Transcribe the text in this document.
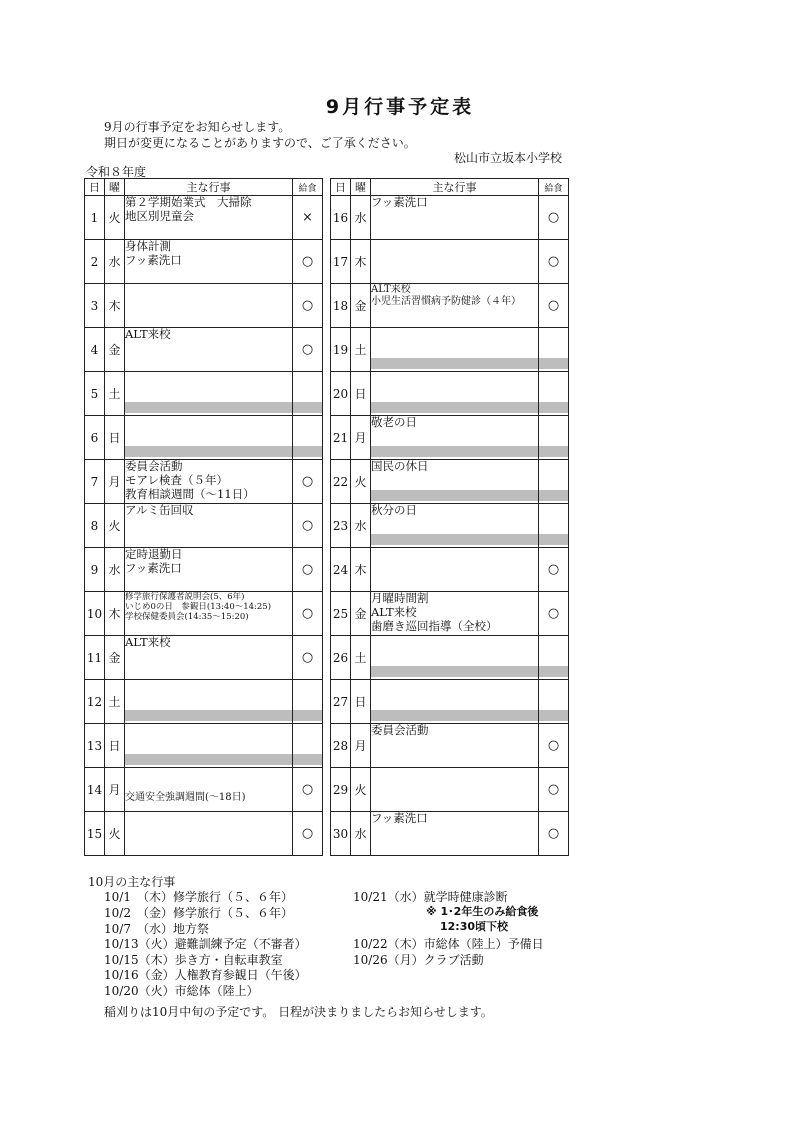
9月行事予定表
9月の行事予定をお知らせします。
期日が変更になることがありますので、ご了承ください。
松山市立坂本小学校
令和８年度
日	曜	主な行事	給食
1	火	第２学期始業式　大掃除
地区別児童会	×
2	水	身体計測
フッ素洗口	○
3	木		○
4	金	ALT来校	○
5	土	

6	日	

7	月	委員会活動
モアレ検査（５年）
教育相談週間（～11日）	○
8	火	アルミ缶回収	○
9	水	定時退勤日
フッ素洗口	○
10	木	修学旅行保護者説明会(5、6年)
いじめ0の日　参観日(13:40～14:25)
学校保健委員会(14:35～15:20)	○
11	金	ALT来校	○
12	土	

13	日	

14	月	交通安全強調週間(～18日)	○
15	火		○
日	曜	主な行事	給食
16	水	フッ素洗口	○
17	木		○
18	金	ALT来校
小児生活習慣病予防健診（４年）	○
19	土	

20	日	

21	月	敬老の日	

22	火	国民の休日	

23	水	秋分の日	

24	木		○
25	金	月曜時間割
ALT来校
歯磨き巡回指導（全校）	○
26	土	

27	日	

28	月	委員会活動	○
29	火		○
30	水	フッ素洗口	○
10月の主な行事
10/1　（木）修学旅行（５、６年）
10/2　（金）修学旅行（５、６年）
10/7　（水）地方祭
10/13（火）避難訓練予定（不審者）
10/15（木）歩き方・自転車教室
10/16（金）人権教育参観日（午後）
10/20（火）市総体（陸上）
10/21（水）就学時健康診断
※ 1･2年生のみ給食後
12:30頃下校
10/22（木）市総体（陸上）予備日
10/26（月）クラブ活動
稲刈りは10月中旬の予定です。 日程が決まりましたらお知らせします。
